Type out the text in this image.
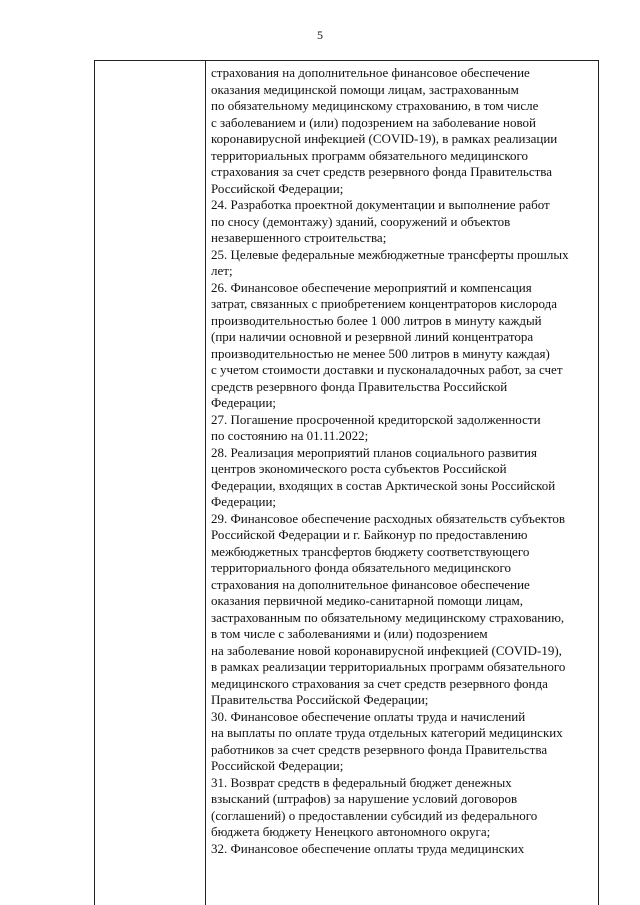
5
страхования на дополнительное финансовое обеспечение
оказания медицинской помощи лицам, застрахованным
по обязательному медицинскому страхованию, в том числе
с заболеванием и (или) подозрением на заболевание новой
коронавирусной инфекцией (COVID-19), в рамках реализации
территориальных программ обязательного медицинского
страхования за счет средств резервного фонда Правительства
Российской Федерации;
24. Разработка проектной документации и выполнение работ
по сносу (демонтажу) зданий, сооружений и объектов
незавершенного строительства;
25. Целевые федеральные межбюджетные трансферты прошлых
лет;
26. Финансовое обеспечение мероприятий и компенсация
затрат, связанных с приобретением концентраторов кислорода
производительностью более 1 000 литров в минуту каждый
(при наличии основной и резервной линий концентратора
производительностью не менее 500 литров в минуту каждая)
с учетом стоимости доставки и пусконаладочных работ, за счет
средств резервного фонда Правительства Российской
Федерации;
27. Погашение просроченной кредиторской задолженности
по состоянию на 01.11.2022;
28. Реализация мероприятий планов социального развития
центров экономического роста субъектов Российской
Федерации, входящих в состав Арктической зоны Российской
Федерации;
29. Финансовое обеспечение расходных обязательств субъектов
Российской Федерации и г. Байконур по предоставлению
межбюджетных трансфертов бюджету соответствующего
территориального фонда обязательного медицинского
страхования на дополнительное финансовое обеспечение
оказания первичной медико-санитарной помощи лицам,
застрахованным по обязательному медицинскому страхованию,
в том числе с заболеваниями и (или) подозрением
на заболевание новой коронавирусной инфекцией (COVID-19),
в рамках реализации территориальных программ обязательного
медицинского страхования за счет средств резервного фонда
Правительства Российской Федерации;
30. Финансовое обеспечение оплаты труда и начислений
на выплаты по оплате труда отдельных категорий медицинских
работников за счет средств резервного фонда Правительства
Российской Федерации;
31. Возврат средств в федеральный бюджет денежных
взысканий (штрафов) за нарушение условий договоров
(соглашений) о предоставлении субсидий из федерального
бюджета бюджету Ненецкого автономного округа;
32. Финансовое обеспечение оплаты труда медицинских
